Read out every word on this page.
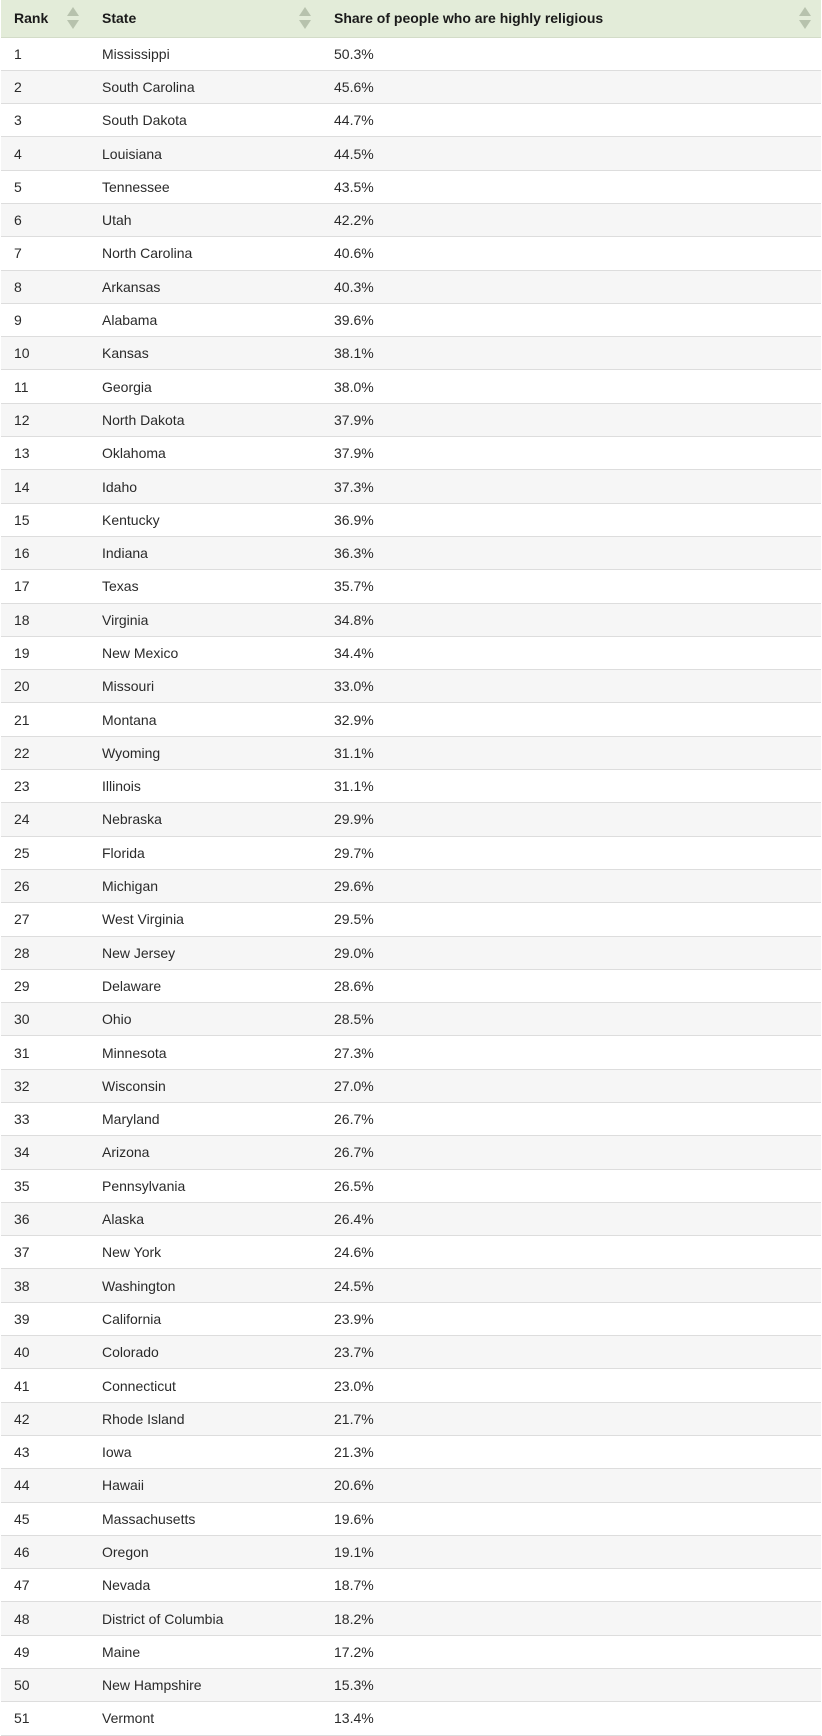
Rank	State	Share of people who are highly religious

1	Mississippi	50.3%
2	South Carolina	45.6%
3	South Dakota	44.7%
4	Louisiana	44.5%
5	Tennessee	43.5%
6	Utah	42.2%
7	North Carolina	40.6%
8	Arkansas	40.3%
9	Alabama	39.6%
10	Kansas	38.1%
11	Georgia	38.0%
12	North Dakota	37.9%
13	Oklahoma	37.9%
14	Idaho	37.3%
15	Kentucky	36.9%
16	Indiana	36.3%
17	Texas	35.7%
18	Virginia	34.8%
19	New Mexico	34.4%
20	Missouri	33.0%
21	Montana	32.9%
22	Wyoming	31.1%
23	Illinois	31.1%
24	Nebraska	29.9%
25	Florida	29.7%
26	Michigan	29.6%
27	West Virginia	29.5%
28	New Jersey	29.0%
29	Delaware	28.6%
30	Ohio	28.5%
31	Minnesota	27.3%
32	Wisconsin	27.0%
33	Maryland	26.7%
34	Arizona	26.7%
35	Pennsylvania	26.5%
36	Alaska	26.4%
37	New York	24.6%
38	Washington	24.5%
39	California	23.9%
40	Colorado	23.7%
41	Connecticut	23.0%
42	Rhode Island	21.7%
43	Iowa	21.3%
44	Hawaii	20.6%
45	Massachusetts	19.6%
46	Oregon	19.1%
47	Nevada	18.7%
48	District of Columbia	18.2%
49	Maine	17.2%
50	New Hampshire	15.3%
51	Vermont	13.4%
